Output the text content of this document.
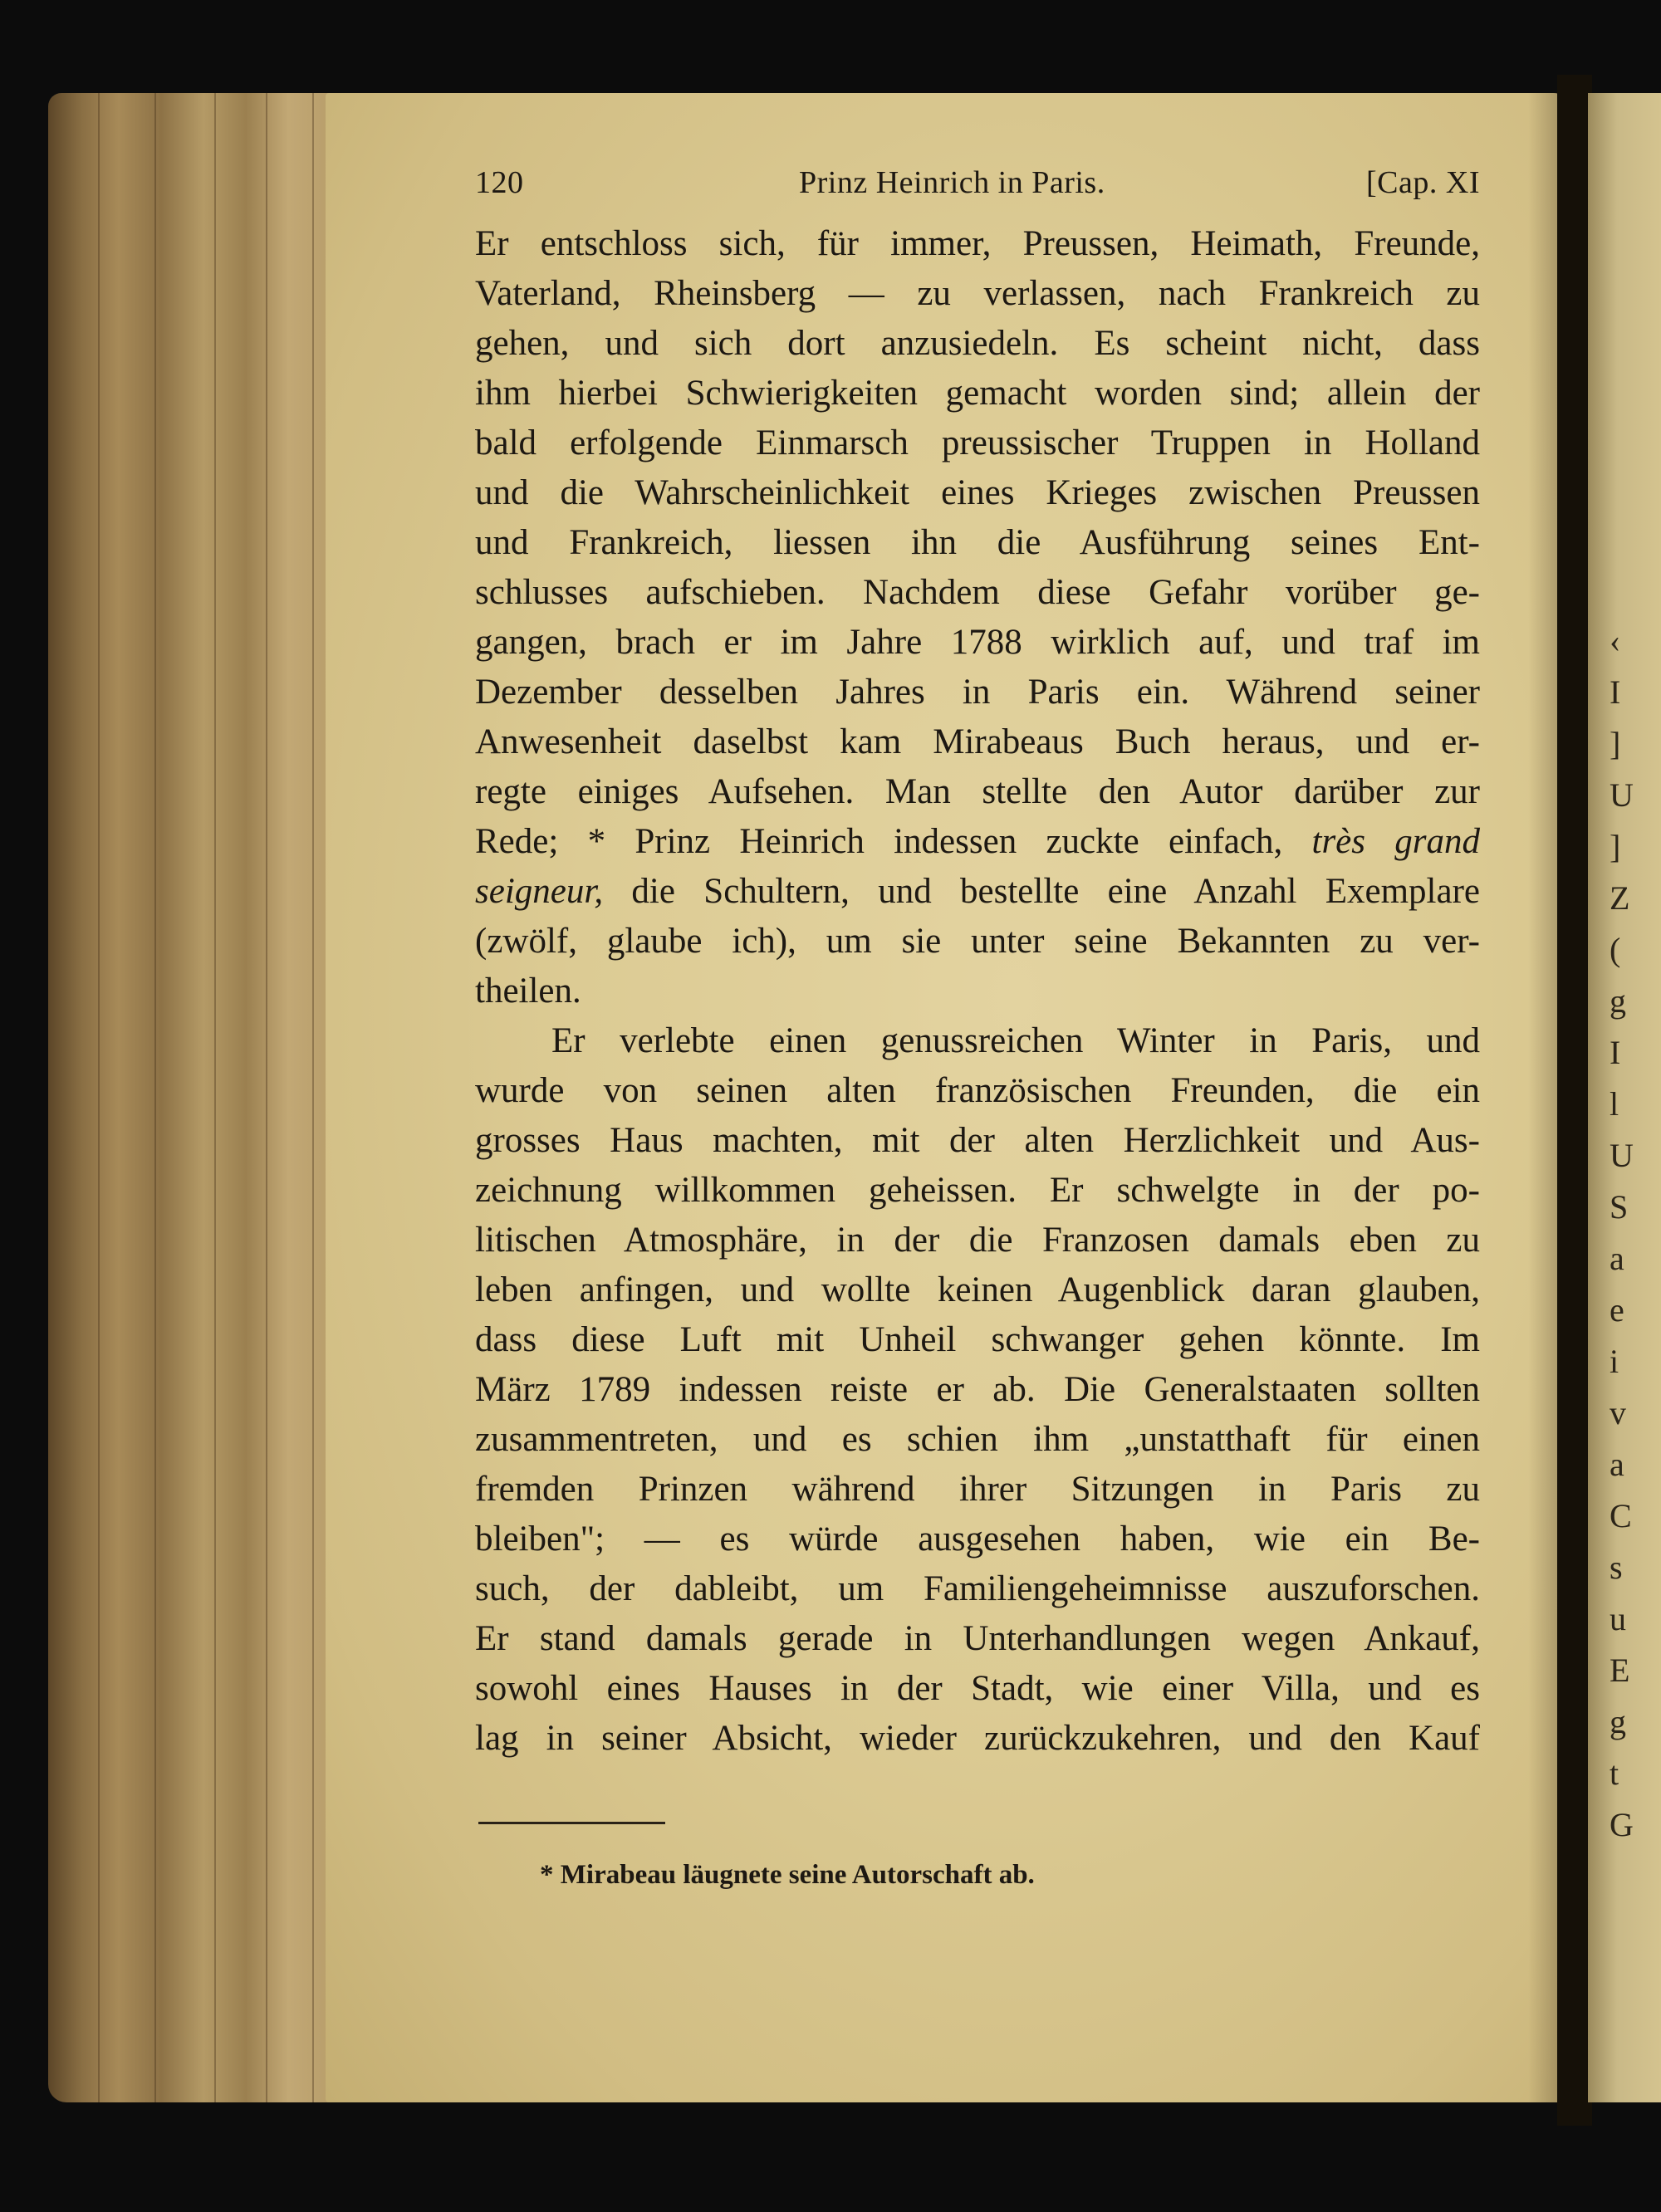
‹
I
]
U
]
Z
(
g
I
l
U
S
a
e
i
v
a
C
s
u
E
g
t
G
120	Prinz Heinrich in Paris.	[Cap. XI

Er entschloss sich, für immer, Preussen, Heimath, Freunde,
Vaterland, Rheinsberg — zu verlassen, nach Frankreich zu
gehen, und sich dort anzusiedeln. Es scheint nicht, dass
ihm hierbei Schwierigkeiten gemacht worden sind; allein der
bald erfolgende Einmarsch preussischer Truppen in Holland
und die Wahrscheinlichkeit eines Krieges zwischen Preussen
und Frankreich, liessen ihn die Ausführung seines Ent-
schlusses aufschieben. Nachdem diese Gefahr vorüber ge-
gangen, brach er im Jahre 1788 wirklich auf, und traf im
Dezember desselben Jahres in Paris ein. Während seiner
Anwesenheit daselbst kam Mirabeaus Buch heraus, und er-
regte einiges Aufsehen. Man stellte den Autor darüber zur
Rede; * Prinz Heinrich indessen zuckte einfach, très grand
seigneur, die Schultern, und bestellte eine Anzahl Exemplare
(zwölf, glaube ich), um sie unter seine Bekannten zu ver-
theilen.

Er verlebte einen genussreichen Winter in Paris, und
wurde von seinen alten französischen Freunden, die ein
grosses Haus machten, mit der alten Herzlichkeit und Aus-
zeichnung willkommen geheissen. Er schwelgte in der po-
litischen Atmosphäre, in der die Franzosen damals eben zu
leben anfingen, und wollte keinen Augenblick daran glauben,
dass diese Luft mit Unheil schwanger gehen könnte. Im
März 1789 indessen reiste er ab. Die Generalstaaten sollten
zusammentreten, und es schien ihm „unstatthaft für einen
fremden Prinzen während ihrer Sitzungen in Paris zu
bleiben"; — es würde ausgesehen haben, wie ein Be-
such, der dableibt, um Familiengeheimnisse auszuforschen.
Er stand damals gerade in Unterhandlungen wegen Ankauf,
sowohl eines Hauses in der Stadt, wie einer Villa, und es
lag in seiner Absicht, wieder zurückzukehren, und den Kauf

* Mirabeau läugnete seine Autorschaft ab.
